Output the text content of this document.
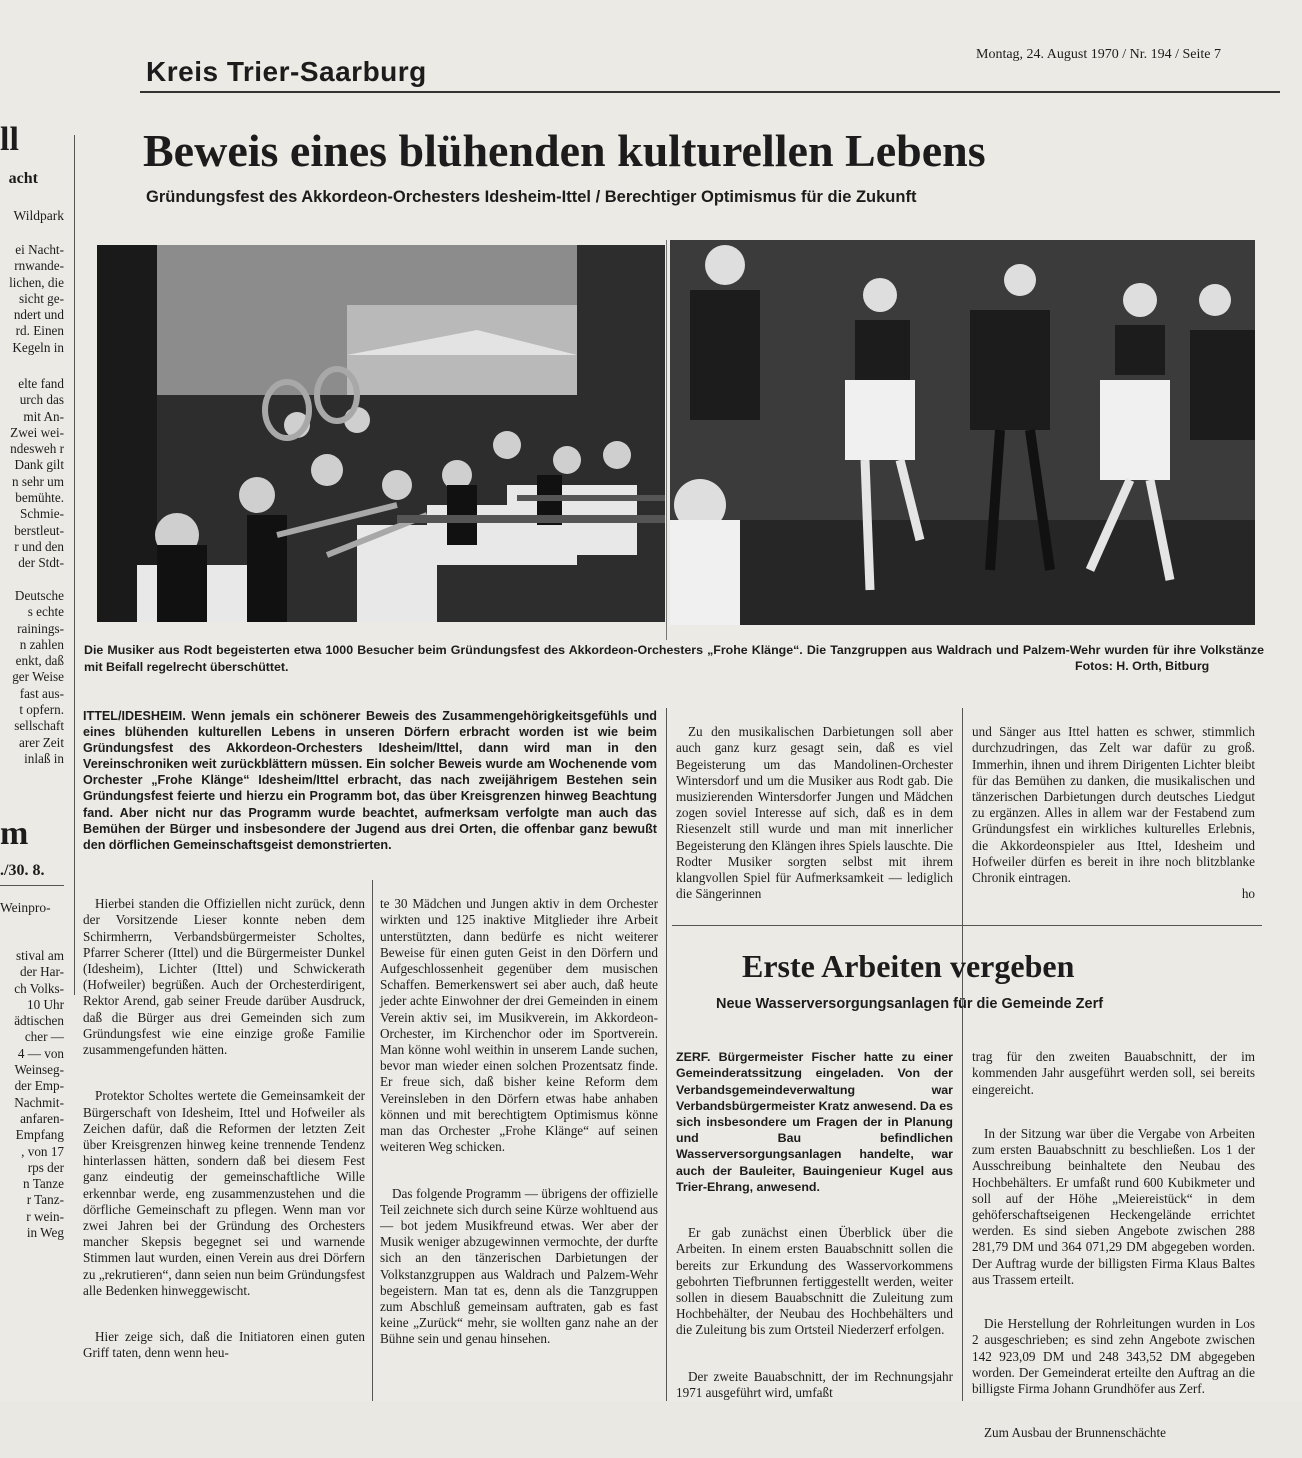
ll
acht
Wildpark
ei Nacht-
rnwande-
lichen, die
sicht ge-
ndert und
rd. Einen
Kegeln in
elte fand
urch das
mit An-
Zwei wei-
ndesweh r
Dank gilt
n sehr um
bemühte.
Schmie-
berstleut-
r und den
der Stdt-
Deutsche
s echte
rainings-
n zahlen
enkt, daß
ger Weise
fast aus-
t opfern.
sellschaft
arer Zeit
inlaß in
m
./30. 8.
Weinpro-
stival am
der Har-
ch Volks-
10 Uhr
ädtischen
cher —
4 — von
Weinseg-
der Emp-
Nachmit-
anfaren-
Empfang
, von 17
rps der
n Tanze
r Tanz-
r wein-
in Weg
Kreis Trier-Saarburg
Montag, 24. August 1970 / Nr. 194 / Seite 7
Beweis eines blühenden kulturellen Lebens
Gründungsfest des Akkordeon-Orchesters Idesheim-Ittel / Berechtiger Optimismus für die Zukunft
Die Musiker aus Rodt begeisterten etwa 1000 Besucher beim Gründungsfest des Akkordeon-Orchesters „Frohe Klänge“. Die Tanzgruppen aus Waldrach und Palzem-Wehr wurden für ihre Volkstänze mit Beifall regelrecht überschüttet.	Fotos: H. Orth, Bitburg
ITTEL/IDESHEIM. Wenn jemals ein schönerer Beweis des Zusammengehörigkeitsgefühls und eines blühenden kulturellen Lebens in unseren Dörfern erbracht worden ist wie beim Gründungsfest des Akkordeon-Orchesters Idesheim/Ittel, dann wird man in den Vereinschroniken weit zurückblättern müssen. Ein solcher Beweis wurde am Wochenende vom Orchester „Frohe Klänge“ Idesheim/Ittel erbracht, das nach zweijährigem Bestehen sein Gründungsfest feierte und hierzu ein Programm bot, das über Kreisgrenzen hinweg Beachtung fand. Aber nicht nur das Programm wurde beachtet, aufmerksam verfolgte man auch das Bemühen der Bürger und insbesondere der Jugend aus drei Orten, die offenbar ganz bewußt den dörflichen Gemeinschaftsgeist demonstrierten.

Hierbei standen die Offiziellen nicht zurück, denn der Vorsitzende Lieser konnte neben dem Schirmherrn, Verbandsbürgermeister Scholtes, Pfarrer Scherer (Ittel) und die Bürgermeister Dunkel (Idesheim), Lichter (Ittel) und Schwickerath (Hofweiler) begrüßen. Auch der Orchesterdirigent, Rektor Arend, gab seiner Freude darüber Ausdruck, daß die Bürger aus drei Gemeinden sich zum Gründungsfest wie eine einzige große Familie zusammengefunden hätten.

Protektor Scholtes wertete die Gemeinsamkeit der Bürgerschaft von Idesheim, Ittel und Hofweiler als Zeichen dafür, daß die Reformen der letzten Zeit über Kreisgrenzen hinweg keine trennende Tendenz hinterlassen hätten, sondern daß bei diesem Fest ganz eindeutig der gemeinschaftliche Wille erkennbar werde, eng zusammenzustehen und die dörfliche Gemeinschaft zu pflegen. Wenn man vor zwei Jahren bei der Gründung des Orchesters mancher Skepsis begegnet sei und warnende Stimmen laut wurden, einen Verein aus drei Dörfern zu „rekrutieren“, dann seien nun beim Gründungsfest alle Bedenken hinweggewischt.

Hier zeige sich, daß die Initiatoren einen guten Griff taten, denn wenn heu-

te 30 Mädchen und Jungen aktiv in dem Orchester wirkten und 125 inaktive Mitglieder ihre Arbeit unterstützten, dann bedürfe es nicht weiterer Beweise für einen guten Geist in den Dörfern und Aufgeschlossenheit gegenüber dem musischen Schaffen. Bemerkenswert sei aber auch, daß heute jeder achte Einwohner der drei Gemeinden in einem Verein aktiv sei, im Musikverein, im Akkordeon-Orchester, im Kirchenchor oder im Sportverein. Man könne wohl weithin in unserem Lande suchen, bevor man wieder einen solchen Prozentsatz finde. Er freue sich, daß bisher keine Reform dem Vereinsleben in den Dörfern etwas habe anhaben können und mit berechtigtem Optimismus könne man das Orchester „Frohe Klänge“ auf seinen weiteren Weg schicken.

Das folgende Programm — übrigens der offizielle Teil zeichnete sich durch seine Kürze wohltuend aus — bot jedem Musikfreund etwas. Wer aber der Musik weniger abzugewinnen vermochte, der durfte sich an den tänzerischen Darbietungen der Volkstanzgruppen aus Waldrach und Palzem-Wehr begeistern. Man tat es, denn als die Tanzgruppen zum Abschluß gemeinsam auftraten, gab es fast keine „Zurück“ mehr, sie wollten ganz nahe an der Bühne sein und genau hinsehen.

Zu den musikalischen Darbietungen soll aber auch ganz kurz gesagt sein, daß es viel Begeisterung um das Mandolinen-Orchester Wintersdorf und um die Musiker aus Rodt gab. Die musizierenden Wintersdorfer Jungen und Mädchen zogen soviel Interesse auf sich, daß es in dem Riesenzelt still wurde und man mit innerlicher Begeisterung den Klängen ihres Spiels lauschte. Die Rodter Musiker sorgten selbst mit ihrem klangvollen Spiel für Aufmerksamkeit — lediglich die Sängerinnen

und Sänger aus Ittel hatten es schwer, stimmlich durchzudringen, das Zelt war dafür zu groß. Immerhin, ihnen und ihrem Dirigenten Lichter bleibt für das Bemühen zu danken, die musikalischen und tänzerischen Darbietungen durch deutsches Liedgut zu ergänzen. Alles in allem war der Festabend zum Gründungsfest ein wirkliches kulturelles Erlebnis, die Akkordeonspieler aus Ittel, Idesheim und Hofweiler dürfen es bereit in ihre noch blitzblanke Chronik eintragen.

ho

Erste Arbeiten vergeben
Neue Wasserversorgungsanlagen für die Gemeinde Zerf

ZERF. Bürgermeister Fischer hatte zu einer Gemeinderatssitzung eingeladen. Von der Verbandsgemeindeverwaltung war Verbandsbürgermeister Kratz anwesend. Da es sich insbesondere um Fragen der in Planung und Bau befindlichen Wasserversorgungsanlagen handelte, war auch der Bauleiter, Bauingenieur Kugel aus Trier-Ehrang, anwesend.

Er gab zunächst einen Überblick über die Arbeiten. In einem ersten Bauabschnitt sollen die bereits zur Erkundung des Wasservorkommens gebohrten Tiefbrunnen fertiggestellt werden, weiter sollen in diesem Bauabschnitt die Zuleitung zum Hochbehälter, der Neubau des Hochbehälters und die Zuleitung bis zum Ortsteil Niederzerf erfolgen.

Der zweite Bauabschnitt, der im Rechnungsjahr 1971 ausgeführt wird, umfaßt

trag für den zweiten Bauabschnitt, der im kommenden Jahr ausgeführt werden soll, sei bereits eingereicht.

In der Sitzung war über die Vergabe von Arbeiten zum ersten Bauabschnitt zu beschließen. Los 1 der Ausschreibung beinhaltete den Neubau des Hochbehälters. Er umfaßt rund 600 Kubikmeter und soll auf der Höhe „Meiereistück“ in dem gehöferschaftseigenen Heckengelände errichtet werden. Es sind sieben Angebote zwischen 288 281,79 DM und 364 071,29 DM abgegeben worden. Der Auftrag wurde der billigsten Firma Klaus Baltes aus Trassem erteilt.

Die Herstellung der Rohrleitungen wurden in Los 2 ausgeschrieben; es sind zehn Angebote zwischen 142 923,09 DM und 248 343,52 DM abgegeben worden. Der Gemeinderat erteilte den Auftrag an die billigste Firma Johann Grundhöfer aus Zerf.

Zum Ausbau der Brunnenschächte
